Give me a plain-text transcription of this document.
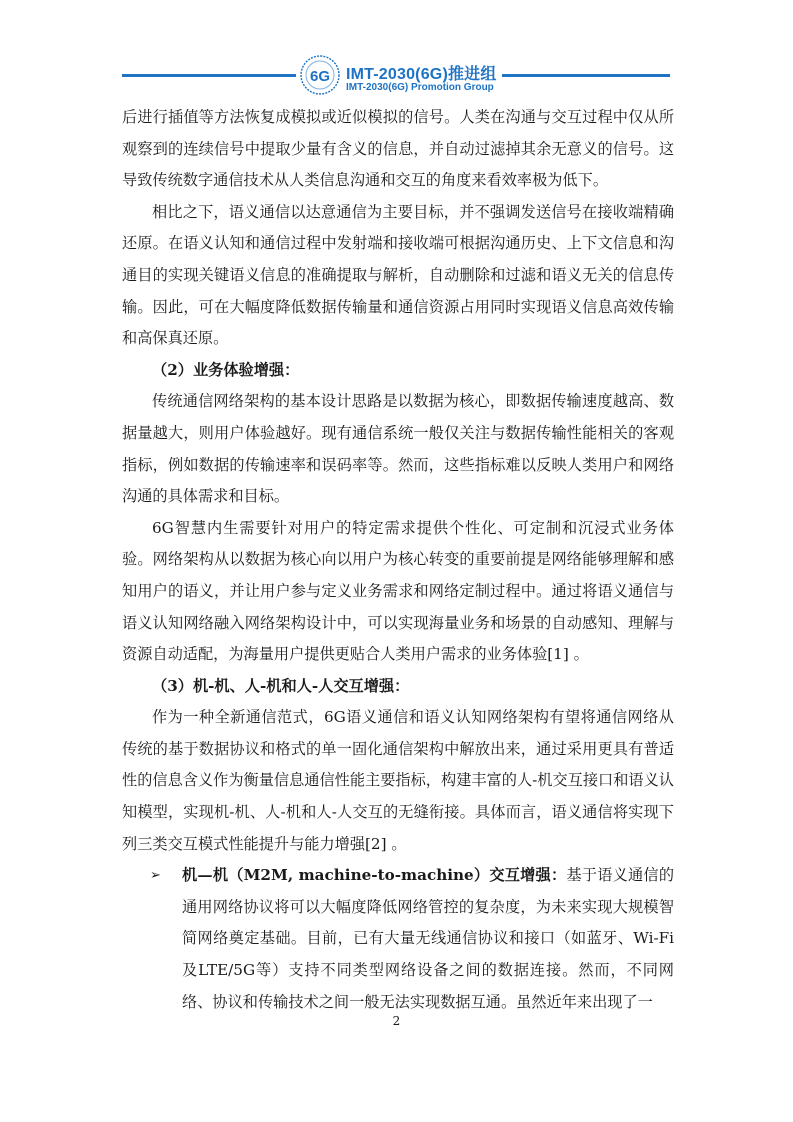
6G IMT-2030(6G)推进组
IMT-2030(6G) Promotion Group

后进行插值等方法恢复成模拟或近似模拟的信号。人类在沟通与交互过程中仅从所观察到的连续信号中提取少量有含义的信息，并自动过滤掉其余无意义的信号。这导致传统数字通信技术从人类信息沟通和交互的角度来看效率极为低下。

相比之下，语义通信以达意通信为主要目标，并不强调发送信号在接收端精确还原。在语义认知和通信过程中发射端和接收端可根据沟通历史、上下文信息和沟通目的实现关键语义信息的准确提取与解析，自动删除和过滤和语义无关的信息传输。因此，可在大幅度降低数据传输量和通信资源占用同时实现语义信息高效传输和高保真还原。

（2）业务体验增强：

传统通信网络架构的基本设计思路是以数据为核心，即数据传输速度越高、数据量越大，则用户体验越好。现有通信系统一般仅关注与数据传输性能相关的客观指标，例如数据的传输速率和误码率等。然而，这些指标难以反映人类用户和网络沟通的具体需求和目标。

6G智慧内生需要针对用户的特定需求提供个性化、可定制和沉浸式业务体验。网络架构从以数据为核心向以用户为核心转变的重要前提是网络能够理解和感知用户的语义，并让用户参与定义业务需求和网络定制过程中。通过将语义通信与语义认知网络融入网络架构设计中，可以实现海量业务和场景的自动感知、理解与资源自动适配，为海量用户提供更贴合人类用户需求的业务体验[1] 。

（3）机-机、人-机和人-人交互增强：

作为一种全新通信范式，6G语义通信和语义认知网络架构有望将通信网络从传统的基于数据协议和格式的单一固化通信架构中解放出来，通过采用更具有普适性的信息含义作为衡量信息通信性能主要指标，构建丰富的人-机交互接口和语义认知模型，实现机-机、人-机和人-人交互的无缝衔接。具体而言，语义通信将实现下列三类交互模式性能提升与能力增强[2] 。

➢ 机—机（M2M, machine-to-machine）交互增强：基于语义通信的通用网络协议将可以大幅度降低网络管控的复杂度，为未来实现大规模智简网络奠定基础。目前，已有大量无线通信协议和接口（如蓝牙、Wi-Fi及LTE/5G等）支持不同类型网络设备之间的数据连接。然而，不同网络、协议和传输技术之间一般无法实现数据互通。虽然近年来出现了一

2
